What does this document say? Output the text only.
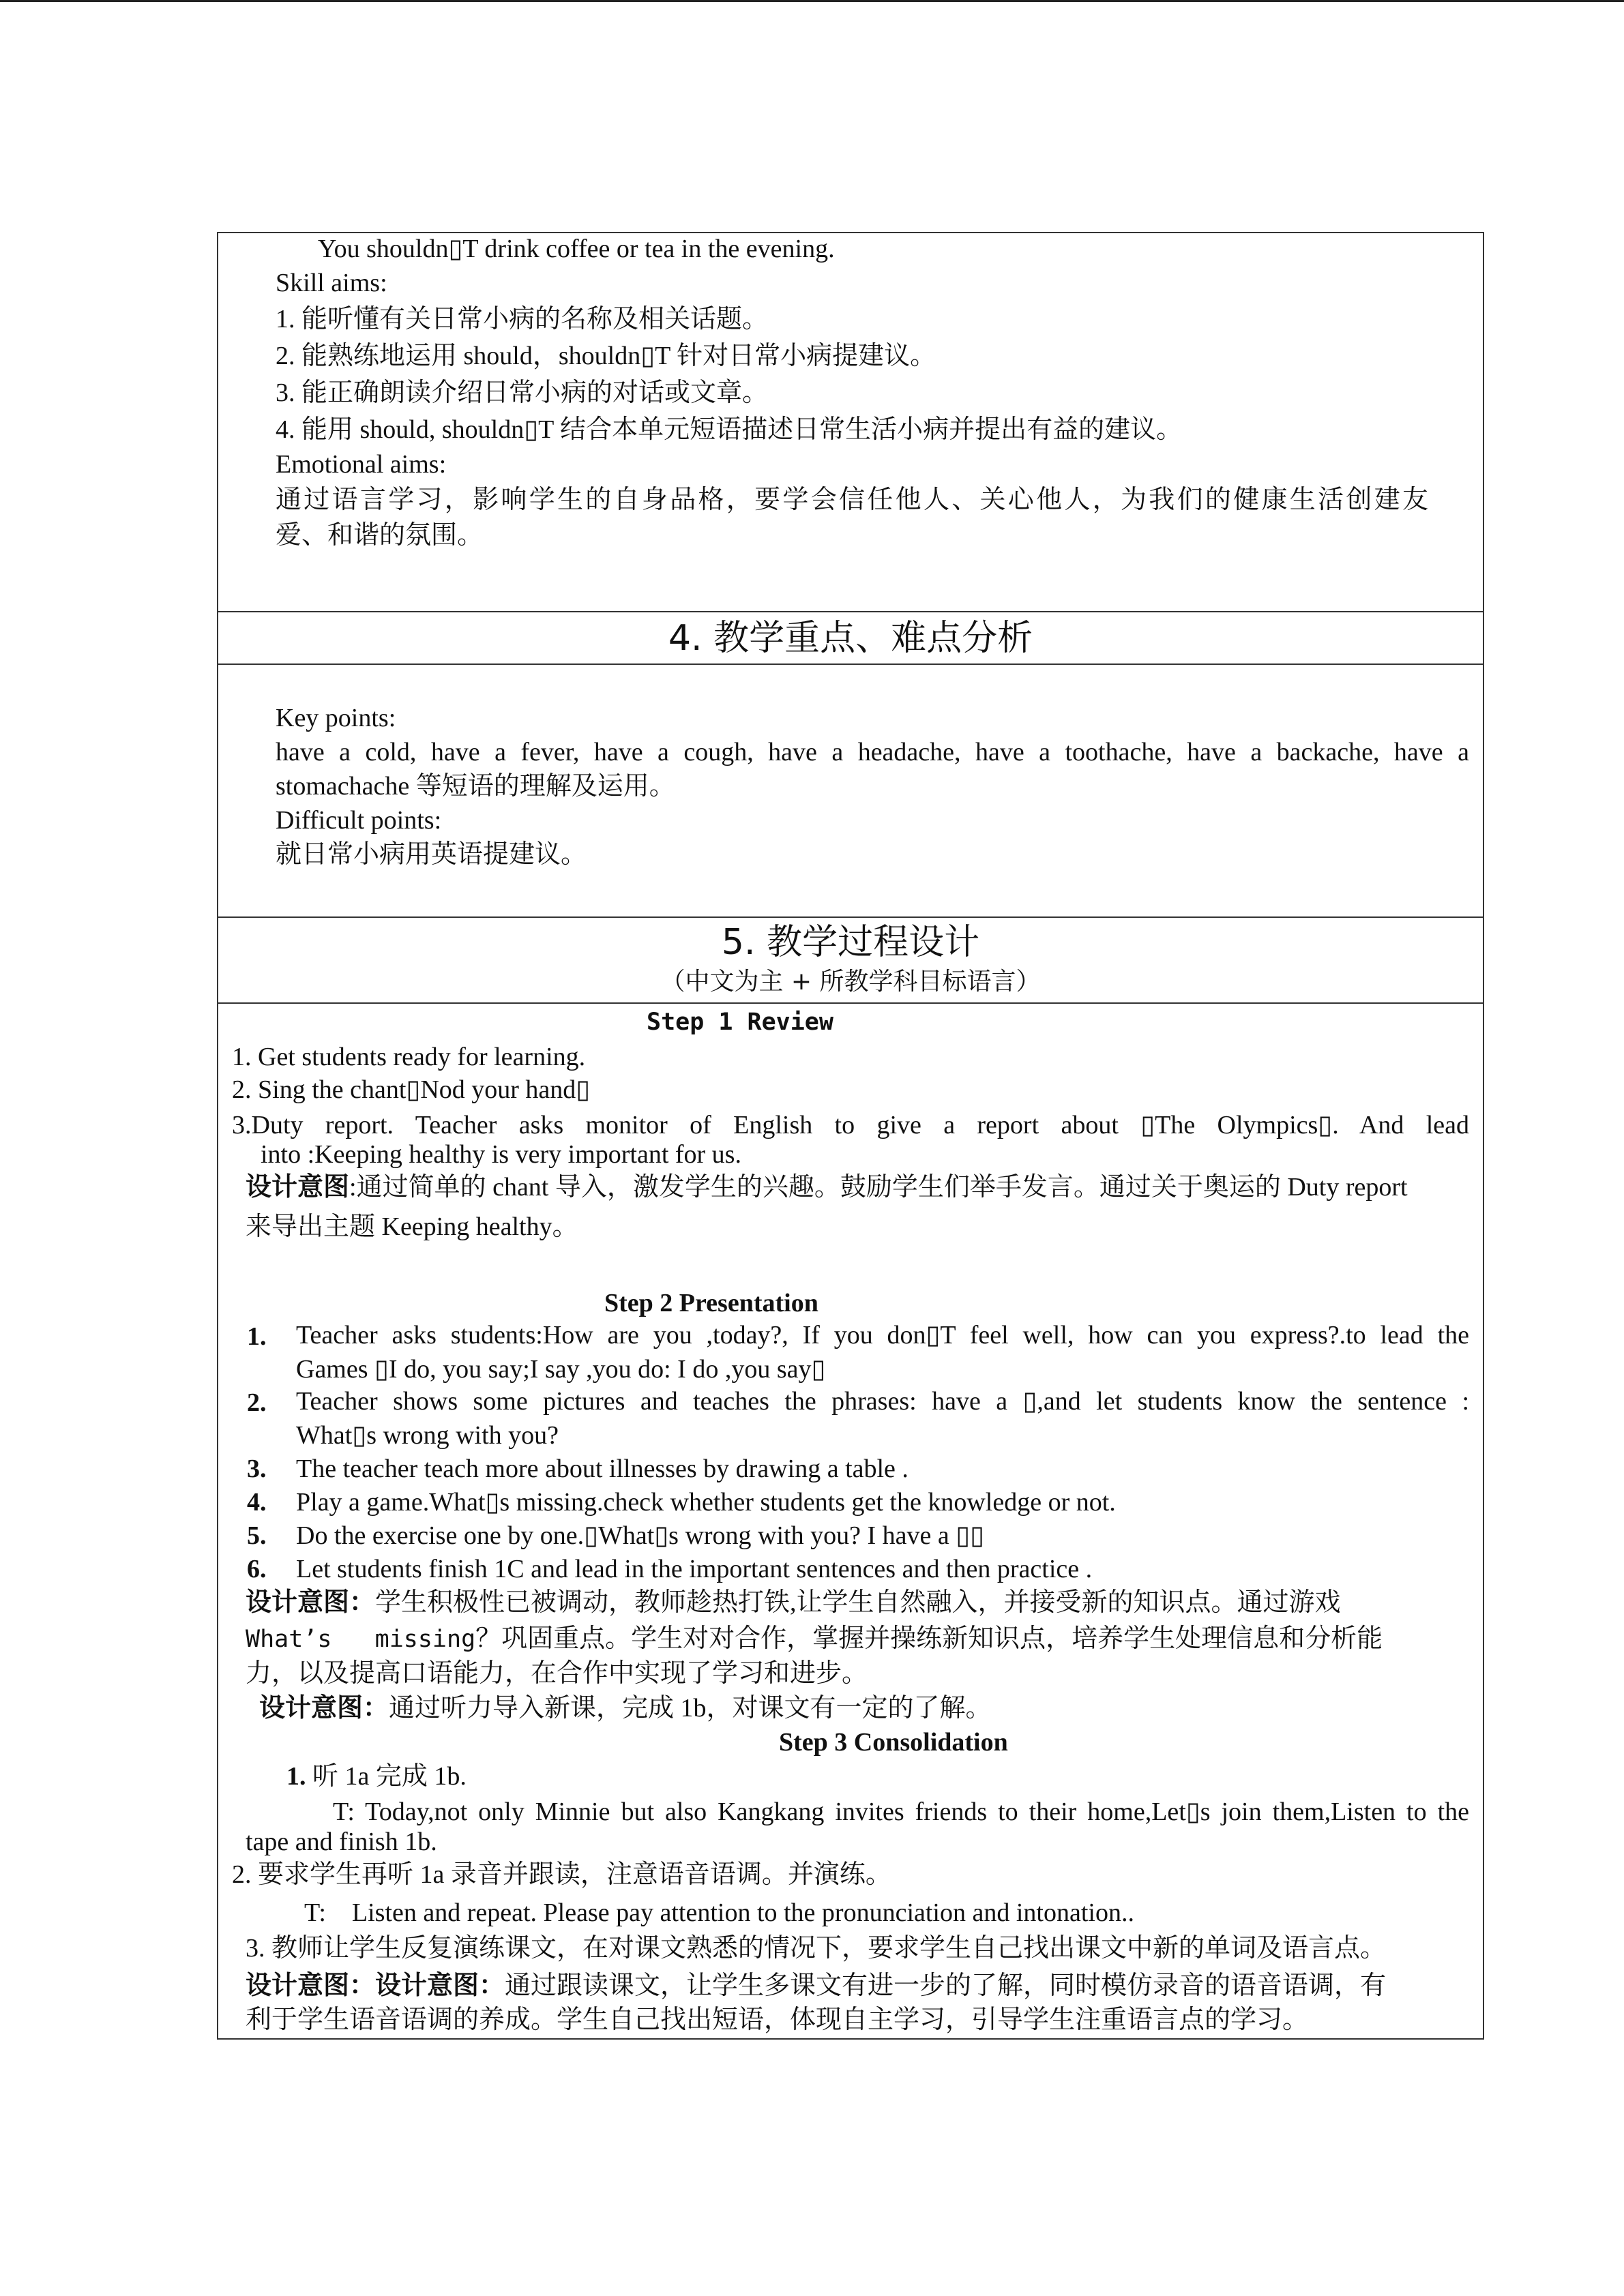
You shouldn▯T drink coffee or tea in the evening.
Skill aims:
1. 能听懂有关日常小病的名称及相关话题。
2. 能熟练地运用 should，shouldn▯T 针对日常小病提建议。
3. 能正确朗读介绍日常小病的对话或文章。
4. 能用 should, shouldn▯T 结合本单元短语描述日常生活小病并提出有益的建议。
Emotional aims:
通过语言学习，影响学生的自身品格，要学会信任他人、关心他人，为我们的健康生活创建友
爱、和谐的氛围。
4. 教学重点、难点分析
Key points:
have a cold, have a fever, have a cough, have a headache, have a toothache, have a backache, have a
stomachache 等短语的理解及运用。
Difficult points:
就日常小病用英语提建议。
5. 教学过程设计
（中文为主 + 所教学科目标语言）
Step 1 Review
1. Get students ready for learning.
2. Sing the chant▯Nod your hand▯
3.Duty report. Teacher asks monitor of English to give a report about ▯The Olympics▯. And lead
into :Keeping healthy is very important for us.
设计意图:通过简单的 chant 导入，激发学生的兴趣。鼓励学生们举手发言。通过关于奥运的 Duty report
来导出主题 Keeping healthy。
Step 2 Presentation
1. Teacher asks students:How are you ,today?, If you don▯T feel well, how can you express?.to lead the
Games ▯I do, you say;I say ,you do: I do ,you say▯
2. Teacher shows some pictures and teaches the phrases: have a ▯,and let students know the sentence :
What▯s wrong with you?
3. The teacher teach more about illnesses by drawing a table .
4. Play a game.What▯s missing.check whether students get the knowledge or not.
5. Do the exercise one by one.▯What▯s wrong with you? I have a ▯▯
6. Let students finish 1C and lead in the important sentences and then practice .
设计意图：学生积极性已被调动，教师趁热打铁,让学生自然融入，并接受新的知识点。通过游戏
What’s   missing？巩固重点。学生对对合作，掌握并操练新知识点，培养学生处理信息和分析能
力，以及提高口语能力，在合作中实现了学习和进步。
设计意图：通过听力导入新课，完成 1b，对课文有一定的了解。
Step 3 Consolidation
1. 听 1a 完成 1b.
T: Today,not only Minnie but also Kangkang invites friends to their home,Let▯s join them,Listen to the
tape and finish 1b.
2. 要求学生再听 1a 录音并跟读，注意语音语调。并演练。
T:    Listen and repeat. Please pay attention to the pronunciation and intonation..
3. 教师让学生反复演练课文，在对课文熟悉的情况下，要求学生自己找出课文中新的单词及语言点。
设计意图：设计意图：通过跟读课文，让学生多课文有进一步的了解，同时模仿录音的语音语调，有
利于学生语音语调的养成。学生自己找出短语，体现自主学习，引导学生注重语言点的学习。
